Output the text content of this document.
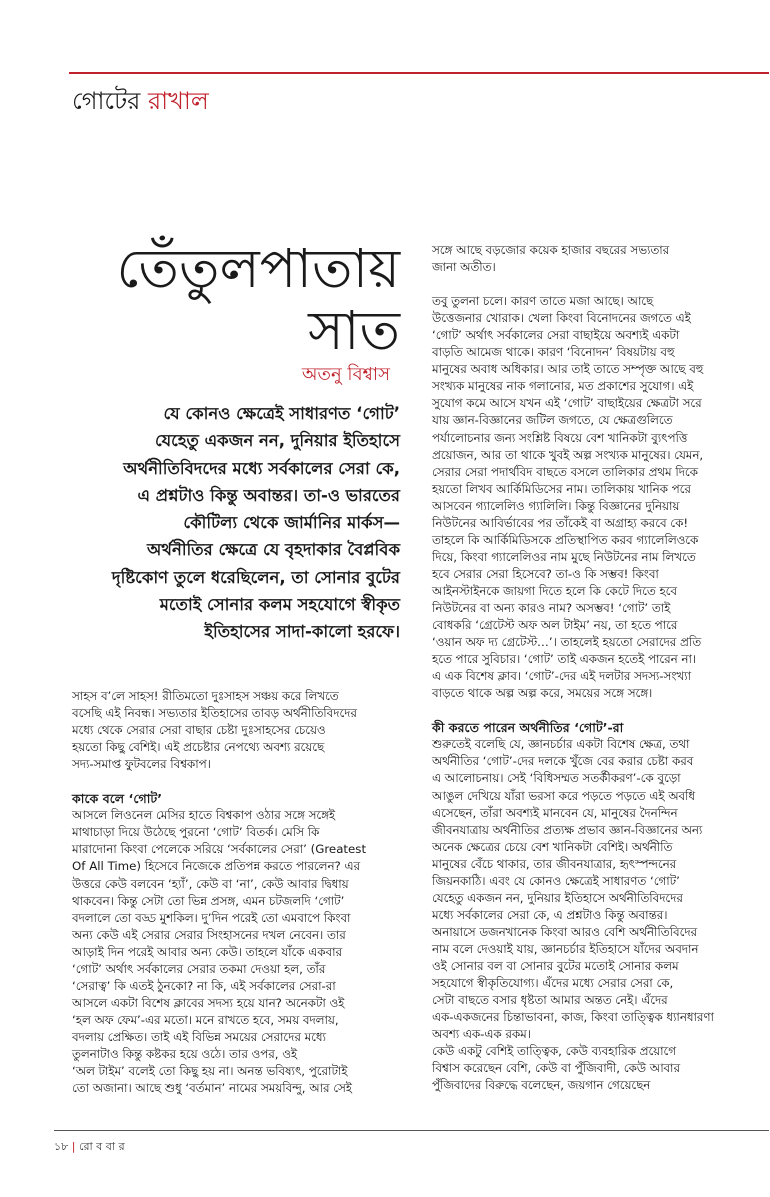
গোটের রাখাল
তেঁতুলপাতায়
সাত
অতনু বিশ্বাস
যে কোনও ক্ষেত্রেই সাধারণত ‘গোট’
যেহেতু একজন নন, দুনিয়ার ইতিহাসে
অর্থনীতিবিদদের মধ্যে সর্বকালের সেরা কে,
এ প্রশ্নটাও কিন্তু অবান্তর। তা-ও ভারতের
কৌটিল্য থেকে জার্মানির মার্কস—
অর্থনীতির ক্ষেত্রে যে বৃহদাকার বৈপ্লবিক
দৃষ্টিকোণ তুলে ধরেছিলেন, তা সোনার বুটের
মতোই সোনার কলম সহযোগে স্বীকৃত
ইতিহাসের সাদা-কালো হরফে।
সাহস ব’লে সাহস! রীতিমতো দুঃসাহস সঞ্চয় করে লিখতে
বসেছি এই নিবন্ধ। সভ্যতার ইতিহাসের তাবড় অর্থনীতিবিদদের
মধ্যে থেকে সেরার সেরা বাছার চেষ্টা দুঃসাহসের চেয়েও
হয়তো কিছু বেশিই। এই প্রচেষ্টার নেপথ্যে অবশ্য রয়েছে
সদ্য-সমাপ্ত ফুটবলের বিশ্বকাপ।

কাকে বলে ‘গোট’
আসলে লিওনেল মেসির হাতে বিশ্বকাপ ওঠার সঙ্গে সঙ্গেই
মাথাচাড়া দিয়ে উঠেছে পুরনো ‘গোট’ বিতর্ক। মেসি কি
মারাদোনা কিংবা পেলেকে সরিয়ে ‘সর্বকালের সেরা’ (Greatest
Of All Time) হিসেবে নিজেকে প্রতিপন্ন করতে পারলেন? এর
উত্তরে কেউ বলবেন ‘হ্যাঁ’, কেউ বা ‘না’, কেউ আবার দ্বিধায়
থাকবেন। কিন্তু সেটা তো ভিন্ন প্রসঙ্গ, এমন চটজলদি ‘গোট’
বদলালে তো বড্ড মুশকিল। দু’দিন পরেই তো এমবাপে কিংবা
অন্য কেউ এই সেরার সেরার সিংহাসনের দখল নেবেন। তার
আড়াই দিন পরেই আবার অন্য কেউ। তাহলে যাঁকে একবার
‘গোট’ অর্থাৎ সর্বকালের সেরার তকমা দেওয়া হল, তাঁর
‘সেরাত্ব’ কি এতই ঠুনকো? না কি, এই সর্বকালের সেরা-রা
আসলে একটা বিশেষ ক্লাবের সদস্য হয়ে যান? অনেকটা ওই
‘হল অফ ফেম’-এর মতো। মনে রাখতে হবে, সময় বদলায়,
বদলায় প্রেক্ষিত। তাই এই বিভিন্ন সময়ের সেরাদের মধ্যে
তুলনাটাও কিন্তু কষ্টকর হয়ে ওঠে। তার ওপর, ওই
‘অল টাইম’ বলেই তো কিছু হয় না। অনন্ত ভবিষ্যৎ, পুরোটাই
তো অজানা। আছে শুধু ‘বর্তমান’ নামের সময়বিন্দু, আর সেই
সঙ্গে আছে বড়জোর কয়েক হাজার বছরের সভ্যতার
জানা অতীত।

তবু তুলনা চলে। কারণ তাতে মজা আছে। আছে
উত্তেজনার খোরাক। খেলা কিংবা বিনোদনের জগতে এই
‘গোট’ অর্থাৎ সর্বকালের সেরা বাছাইয়ে অবশ্যই একটা
বাড়তি আমেজ থাকে। কারণ ‘বিনোদন’ বিষয়টায় বহু
মানুষের অবাধ অধিকার। আর তাই তাতে সম্পৃক্ত আছে বহু
সংখ্যক মানুষের নাক গলানোর, মত প্রকাশের সুযোগ। এই
সুযোগ কমে আসে যখন এই ‘গোট’ বাছাইয়ের ক্ষেত্রটা সরে
যায় জ্ঞান-বিজ্ঞানের জটিল জগতে, যে ক্ষেত্রগুলিতে
পর্যালোচনার জন্য সংশ্লিষ্ট বিষয়ে বেশ খানিকটা ব্যুৎপত্তি
প্রয়োজন, আর তা থাকে খুবই অল্প সংখ্যক মানুষের। যেমন,
সেরার সেরা পদার্থবিদ বাছতে বসলে তালিকার প্রথম দিকে
হয়তো লিখব আর্কিমিডিসের নাম। তালিকায় খানিক পরে
আসবেন গ্যালেলিও গ্যালিলি। কিন্তু বিজ্ঞানের দুনিয়ায়
নিউটনের আবির্ভাবের পর তাঁকেই বা অগ্রাহ্য করবে কে!
তাহলে কি আর্কিমিডিসকে প্রতিস্থাপিত করব গ্যালেলিওকে
দিয়ে, কিংবা গ্যালেলিওর নাম মুছে নিউটনের নাম লিখতে
হবে সেরার সেরা হিসেবে? তা-ও কি সম্ভব! কিংবা
আইনস্টাইনকে জায়গা দিতে হলে কি কেটে দিতে হবে
নিউটনের বা অন্য কারও নাম? অসম্ভব! ‘গোট’ তাই
বোধকরি ‘গ্রেটেস্ট অফ অল টাইম’ নয়, তা হতে পারে
‘ওয়ান অফ দ্য গ্রেটেস্ট…’। তাহলেই হয়তো সেরাদের প্রতি
হতে পারে সুবিচার। ‘গোট’ তাই একজন হতেই পারেন না।
এ এক বিশেষ ক্লাব। ‘গোট’-দের এই দলটার সদস্য-সংখ্যা
বাড়তে থাকে অল্প অল্প করে, সময়ের সঙ্গে সঙ্গে।

কী করতে পারেন অর্থনীতির ‘গোট’-রা
শুরুতেই বলেছি যে, জ্ঞানচর্চার একটা বিশেষ ক্ষেত্র, তথা
অর্থনীতির ‘গোট’-দের দলকে খুঁজে বের করার চেষ্টা করব
এ আলোচনায়। সেই ‘বিধিসম্মত সতর্কীকরণ’-কে বুড়ো
আঙুল দেখিয়ে যাঁরা ভরসা করে পড়তে পড়তে এই অবধি
এসেছেন, তাঁরা অবশ্যই মানবেন যে, মানুষের দৈনন্দিন
জীবনযাত্রায় অর্থনীতির প্রত্যক্ষ প্রভাব জ্ঞান-বিজ্ঞানের অন্য
অনেক ক্ষেত্রের চেয়ে বেশ খানিকটা বেশিই। অর্থনীতি
মানুষের বেঁচে থাকার, তার জীবনযাত্রার, হৃৎস্পন্দনের
জিয়নকাঠি। এবং যে কোনও ক্ষেত্রেই সাধারণত ‘গোট’
যেহেতু একজন নন, দুনিয়ার ইতিহাসে অর্থনীতিবিদদের
মধ্যে সর্বকালের সেরা কে, এ প্রশ্নটাও কিন্তু অবান্তর।
অনায়াসে ডজনখানেক কিংবা আরও বেশি অর্থনীতিবিদের
নাম বলে দেওয়াই যায়, জ্ঞানচর্চার ইতিহাসে যাঁদের অবদান
ওই সোনার বল বা সোনার বুটের মতোই সোনার কলম
সহযোগে স্বীকৃতিযোগ্য। এঁদের মধ্যে সেরার সেরা কে,
সেটা বাছতে বসার ধৃষ্টতা আমার অন্তত নেই। এঁদের
এক-একজনের চিন্তাভাবনা, কাজ, কিংবা তাত্ত্বিক ধ্যানধারণা
অবশ্য এক-এক রকম।
কেউ একটু বেশিই তাত্ত্বিক, কেউ ব্যবহারিক প্রয়োগে
বিশ্বাস করেছেন বেশি, কেউ বা পুঁজিবাদী, কেউ আবার
পুঁজিবাদের বিরুদ্ধে বলেছেন, জয়গান গেয়েছেন
১৮ | রো ব বা র
